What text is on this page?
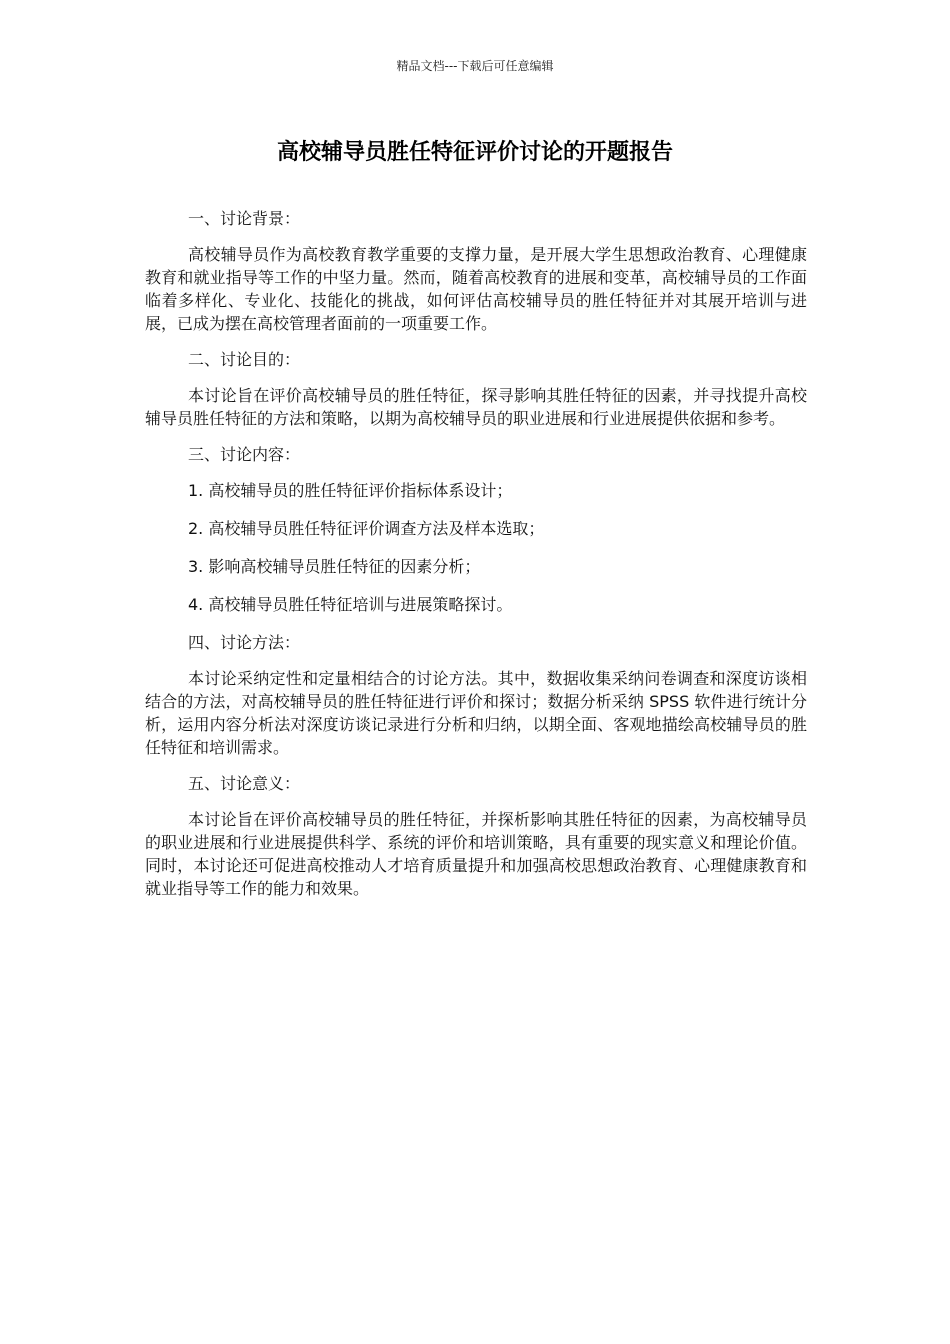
精品文档---下载后可任意编辑
高校辅导员胜任特征评价讨论的开题报告

一、讨论背景：

高校辅导员作为高校教育教学重要的支撑力量，是开展大学生思想政治教育、心理健康教育和就业指导等工作的中坚力量。然而，随着高校教育的进展和变革，高校辅导员的工作面临着多样化、专业化、技能化的挑战，如何评估高校辅导员的胜任特征并对其展开培训与进展，已成为摆在高校管理者面前的一项重要工作。

二、讨论目的：

本讨论旨在评价高校辅导员的胜任特征，探寻影响其胜任特征的因素，并寻找提升高校辅导员胜任特征的方法和策略，以期为高校辅导员的职业进展和行业进展提供依据和参考。

三、讨论内容：

1. 高校辅导员的胜任特征评价指标体系设计；

2. 高校辅导员胜任特征评价调查方法及样本选取；

3. 影响高校辅导员胜任特征的因素分析；

4. 高校辅导员胜任特征培训与进展策略探讨。

四、讨论方法：

本讨论采纳定性和定量相结合的讨论方法。其中，数据收集采纳问卷调查和深度访谈相结合的方法，对高校辅导员的胜任特征进行评价和探讨；数据分析采纳 SPSS 软件进行统计分析，运用内容分析法对深度访谈记录进行分析和归纳，以期全面、客观地描绘高校辅导员的胜任特征和培训需求。

五、讨论意义：

本讨论旨在评价高校辅导员的胜任特征，并探析影响其胜任特征的因素，为高校辅导员的职业进展和行业进展提供科学、系统的评价和培训策略，具有重要的现实意义和理论价值。同时，本讨论还可促进高校推动人才培育质量提升和加强高校思想政治教育、心理健康教育和就业指导等工作的能力和效果。
